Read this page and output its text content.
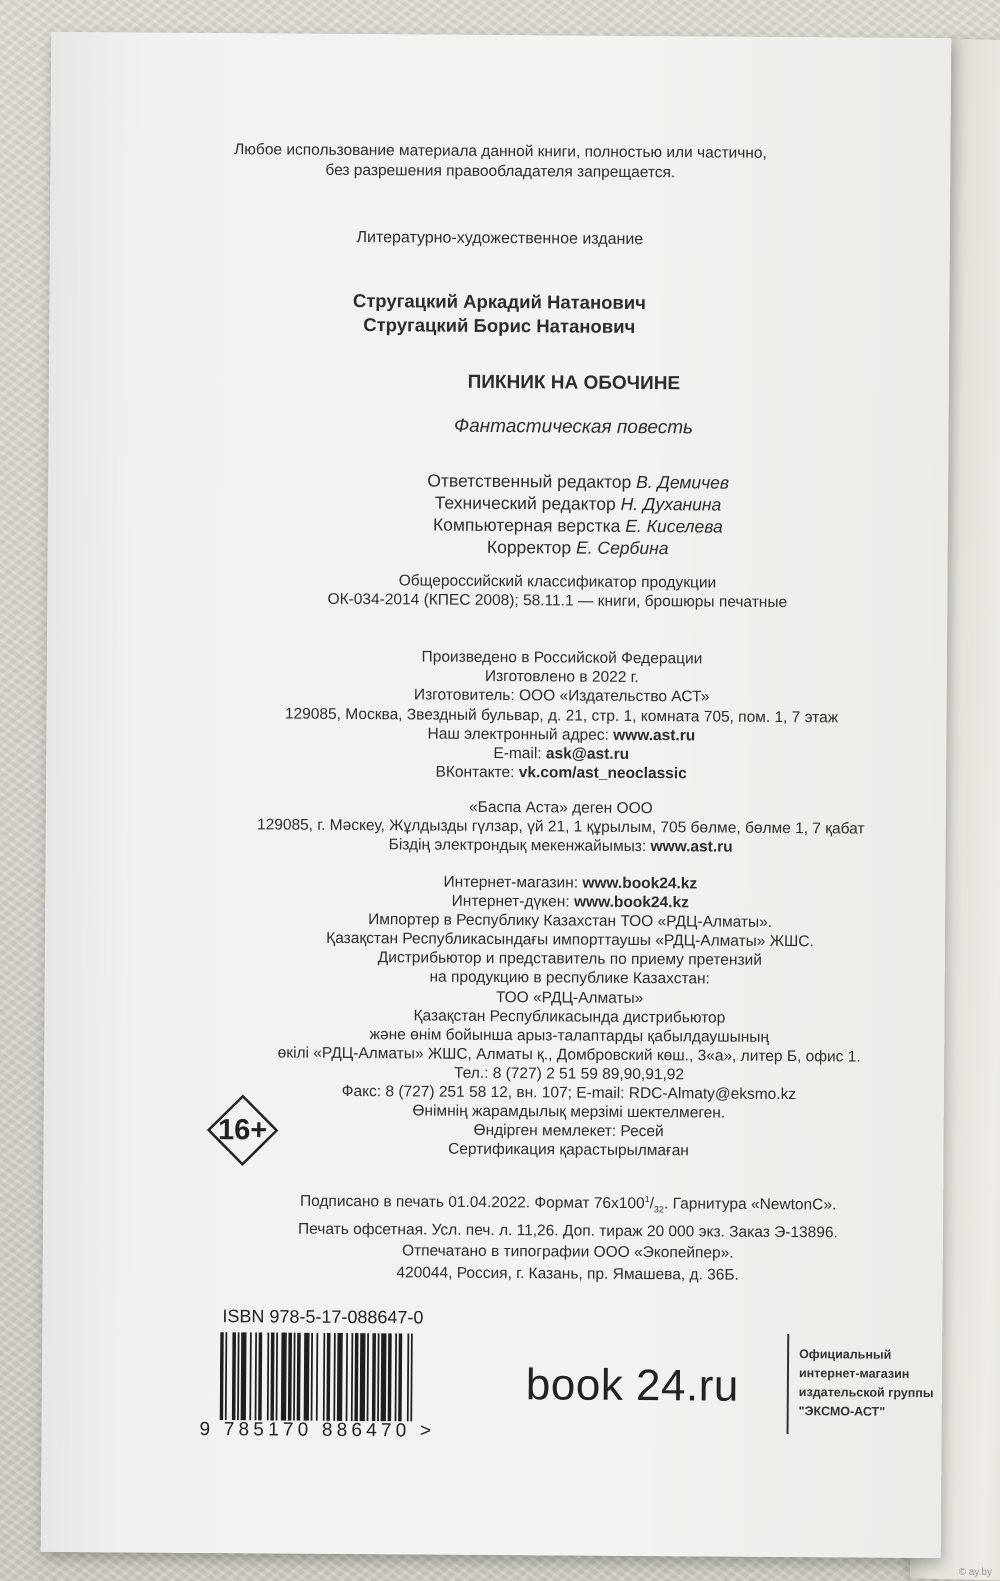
Любое использование материала данной книги, полностью или частично,
без разрешения правообладателя запрещается.
Литературно-художественное издание
Стругацкий Аркадий Натанович
Стругацкий Борис Натанович
ПИКНИК НА ОБОЧИНЕ
Фантастическая повесть
Ответственный редактор В. Демичев
Технический редактор Н. Духанина
Компьютерная верстка Е. Киселева
Корректор Е. Сербина
Общероссийский классификатор продукции
ОК-034-2014 (КПЕС 2008); 58.11.1 — книги, брошюры печатные
Произведено в Российской Федерации
Изготовлено в 2022 г.
Изготовитель: ООО «Издательство АСТ»
129085, Москва, Звездный бульвар, д. 21, стр. 1, комната 705, пом. 1, 7 этаж
Наш электронный адрес: www.ast.ru
E-mail: ask@ast.ru
ВКонтакте: vk.com/ast_neoclassic
«Баспа Аста» деген ООО
129085, г. Мәскеу, Жұлдызды гүлзар, үй 21, 1 құрылым, 705 бөлме, бөлме 1, 7 қабат
Біздің электрондық мекенжайымыз: www.ast.ru
Интернет-магазин: www.book24.kz
Интернет-дүкен: www.book24.kz
Импортер в Республику Казахстан ТОО «РДЦ-Алматы».
Қазақстан Республикасындағы импорттаушы «РДЦ-Алматы» ЖШС.
Дистрибьютор и представитель по приему претензий
на продукцию в республике Казахстан:
ТОО «РДЦ-Алматы»
Қазақстан Республикасында дистрибьютор
және өнім бойынша арыз-талаптарды қабылдаушының
өкілі «РДЦ-Алматы» ЖШС, Алматы қ., Домбровский көш., 3«а», литер Б, офис 1.
Тел.: 8 (727) 2 51 59 89,90,91,92
Факс: 8 (727) 251 58 12, вн. 107; E-mail: RDC-Almaty@eksmo.kz
Өнімнің жарамдылық мерзімі шектелмеген.
Өндірген мемлекет: Ресей
Сертификация қарастырылмаған
16+
Подписано в печать 01.04.2022. Формат $76х100^1/_{32}$. Гарнитура «NewtonC».
Печать офсетная. Усл. печ. л. 11,26. Доп. тираж 20 000 экз. Заказ Э-13896.
Отпечатано в типографии ООО «Экопейпер».
420044, Россия, г. Казань, пр. Ямашева, д. 36Б.
ISBN 978-5-17-088647-0
9 785170 886470 >
book 24.ru
Официальный
интернет-магазин
издательской группы
"ЭКСМО-АСТ"
© ay.by
